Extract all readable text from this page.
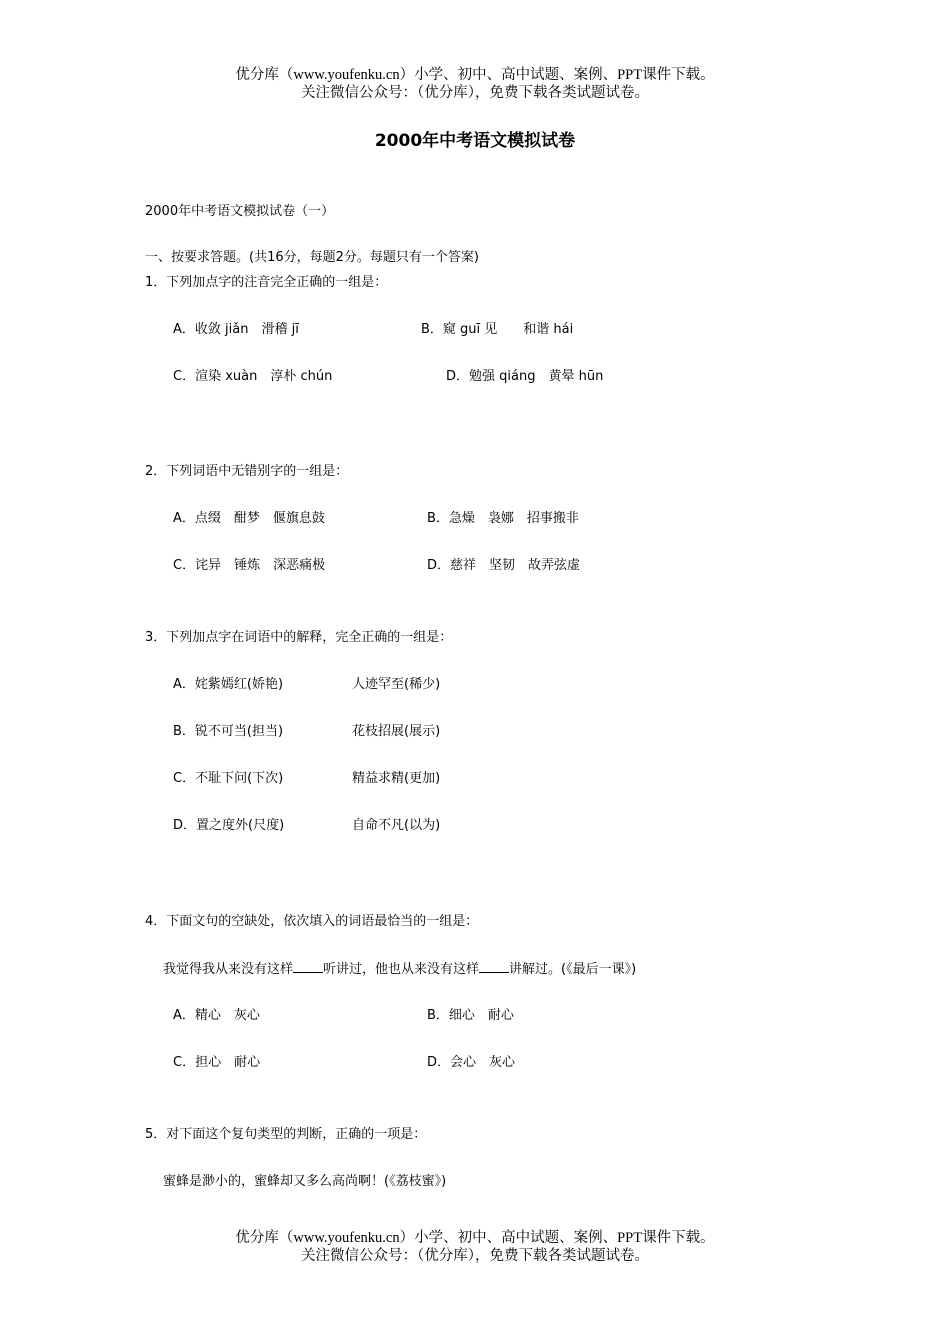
优分库（www.youfenku.cn）小学、初中、高中试题、案例、PPT课件下载。
关注微信公众号：（优分库），免费下载各类试题试卷。
2000年中考语文模拟试卷
2000年中考语文模拟试卷（一）
一、按要求答题。(共16分，每题2分。每题只有一个答案)
1．下列加点字的注音完全正确的一组是：
A．收敛 jiǎn　滑稽 jī	B．窥 guī 见　　和谐 hái
C．渲染 xuàn　淳朴 chún	D．勉强 qiáng　黄晕 hūn
2．下列词语中无错别字的一组是：
A．点缀　酣梦　偃旗息鼓	B．急燥　袅娜　招事搬非
C．诧异　锤炼　深恶痛极	D．慈祥　坚韧　故弄弦虚
3．下列加点字在词语中的解释，完全正确的一组是：
A．姹紫嫣红(娇艳)	人迹罕至(稀少)
B．锐不可当(担当)	花枝招展(展示)
C．不耻下问(下次)	精益求精(更加)
D．置之度外(尺度)	自命不凡(以为)
4．下面文句的空缺处，依次填入的词语最恰当的一组是：
我觉得我从来没有这样 听讲过，他也从来没有这样 讲解过。(《最后一课》)
A．精心　灰心	B．细心　耐心
C．担心　耐心	D．会心　灰心
5．对下面这个复句类型的判断，正确的一项是：
蜜蜂是渺小的，蜜蜂却又多么高尚啊！(《荔枝蜜》)
优分库（www.youfenku.cn）小学、初中、高中试题、案例、PPT课件下载。
关注微信公众号：（优分库），免费下载各类试题试卷。
